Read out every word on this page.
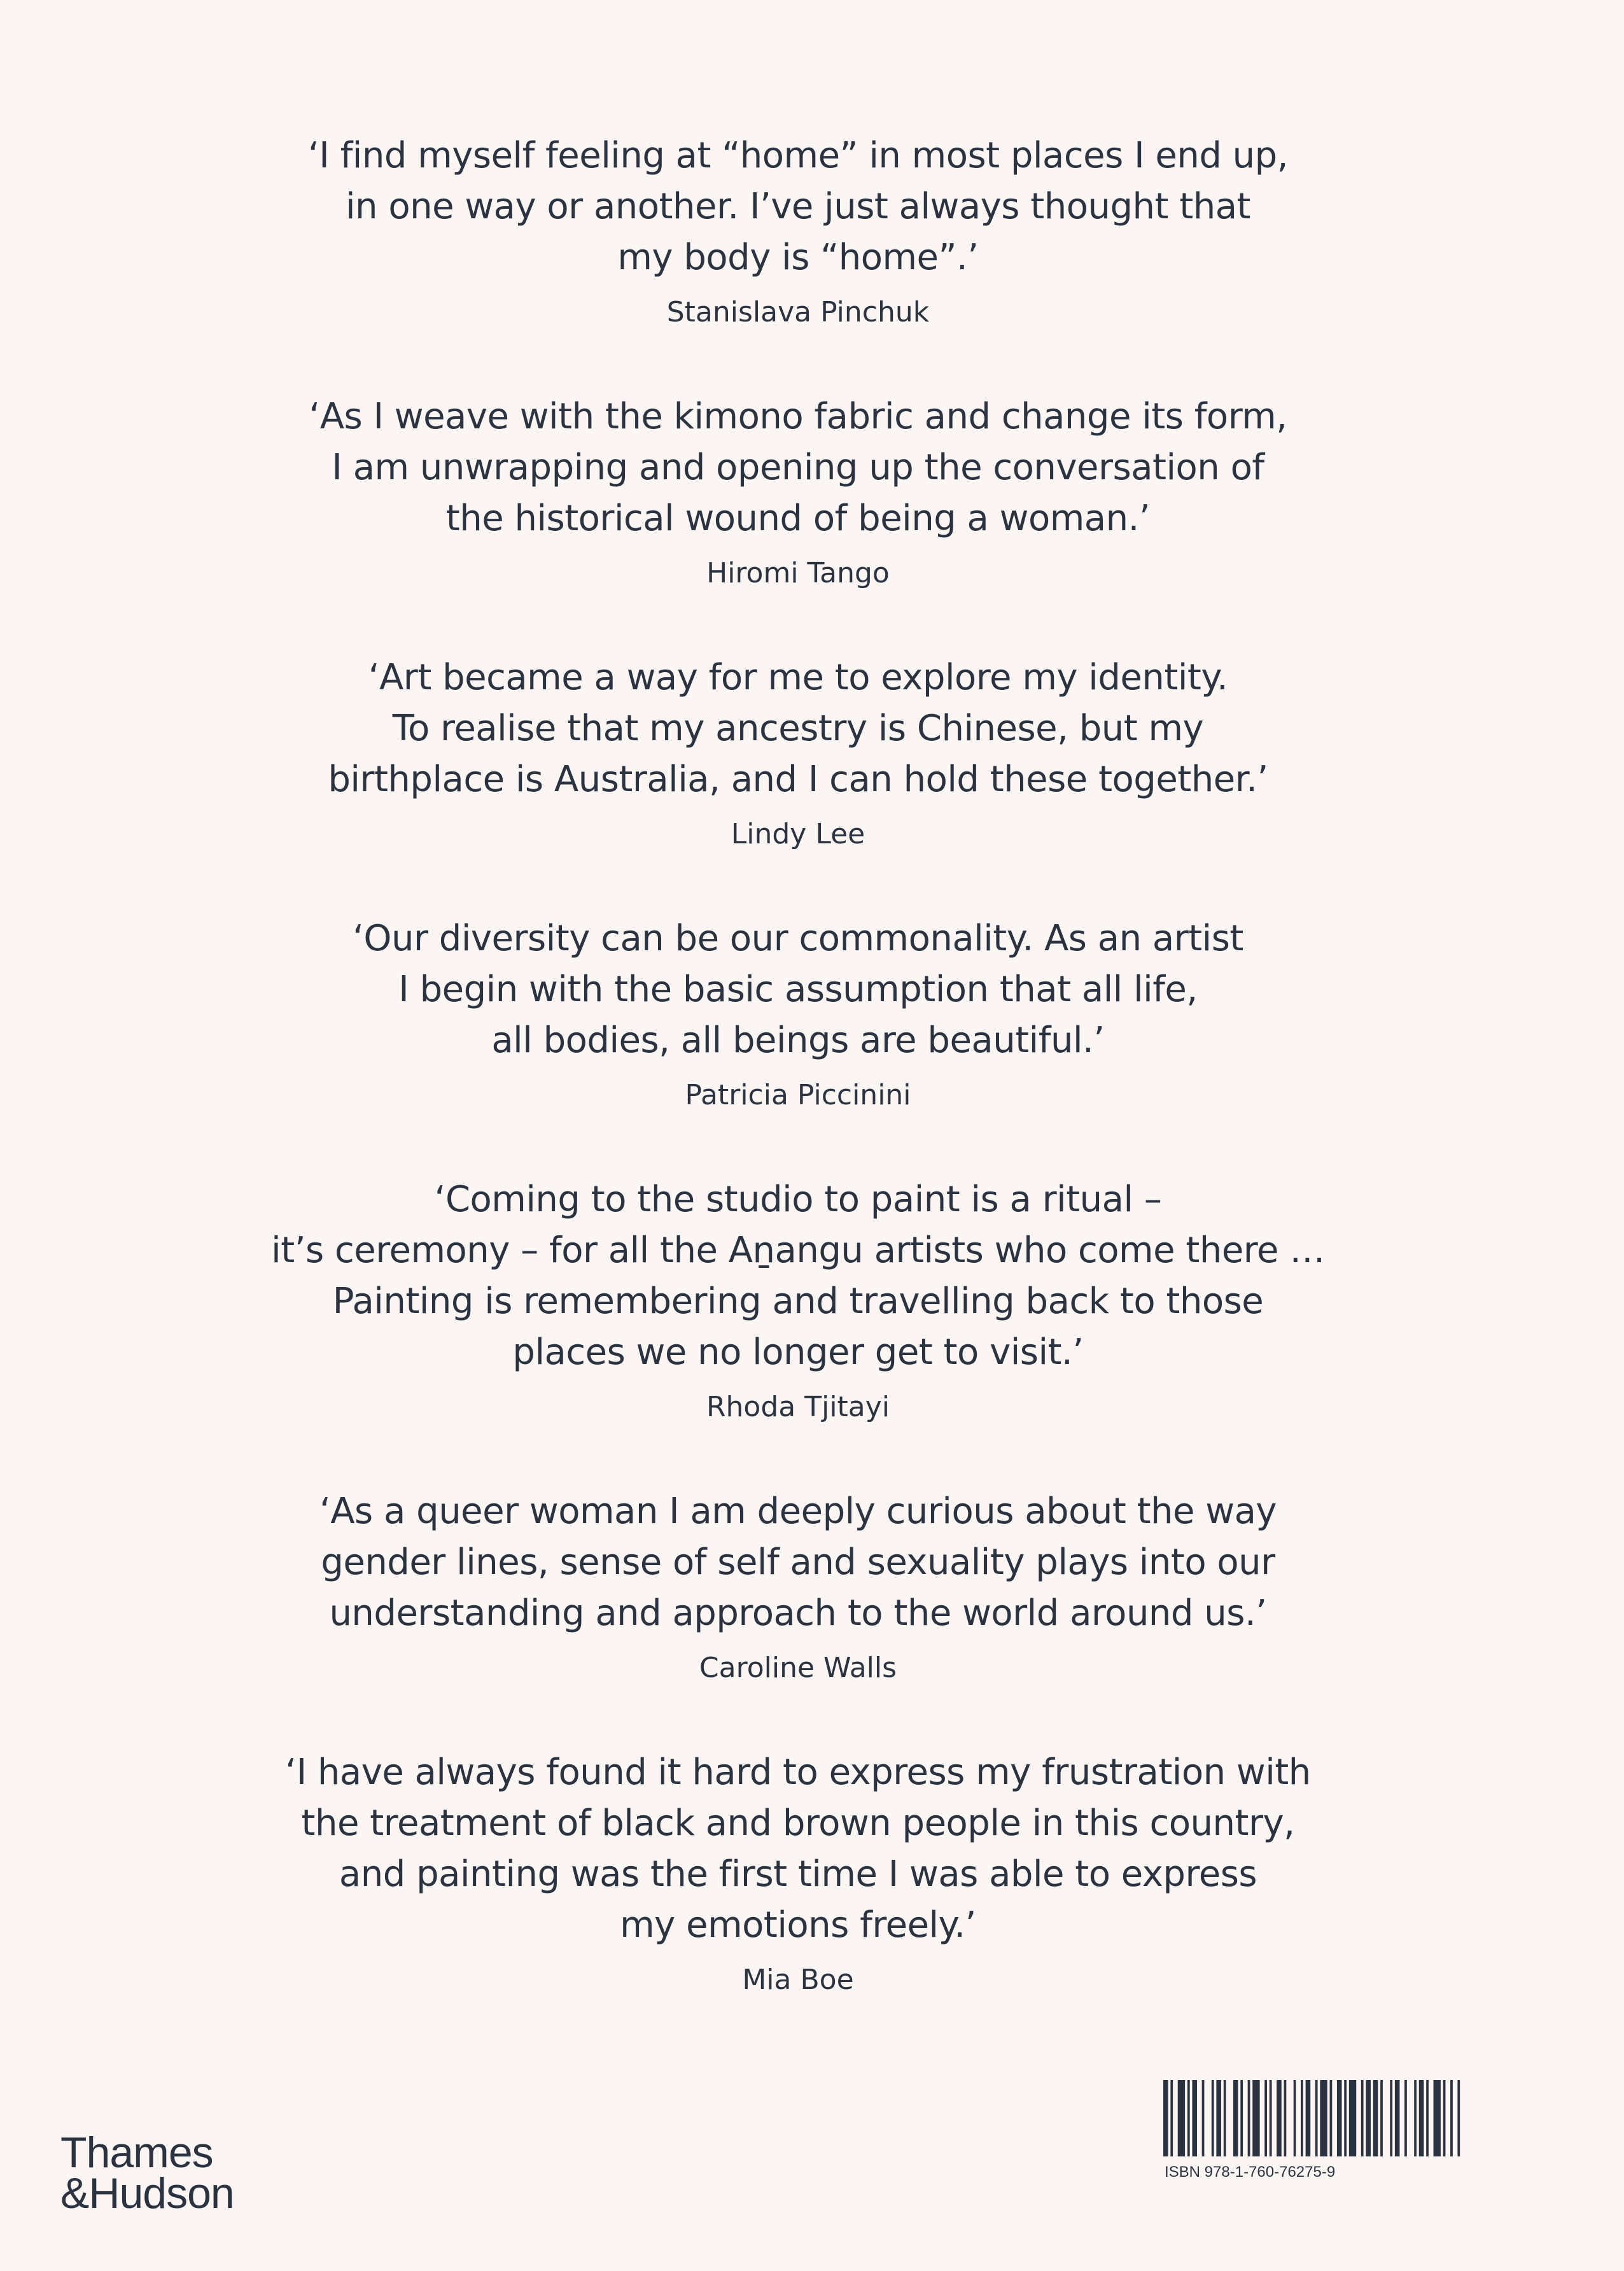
‘I find myself feeling at “home” in most places I end up,
in one way or another. I’ve just always thought that
my body is “home”.’
Stanislava Pinchuk
‘As I weave with the kimono fabric and change its form,
I am unwrapping and opening up the conversation of
the historical wound of being a woman.’
Hiromi Tango
‘Art became a way for me to explore my identity.
To realise that my ancestry is Chinese, but my
birthplace is Australia, and I can hold these together.’
Lindy Lee
‘Our diversity can be our commonality. As an artist
I begin with the basic assumption that all life,
all bodies, all beings are beautiful.’
Patricia Piccinini
‘Coming to the studio to paint is a ritual –
it’s ceremony – for all the Aṉangu artists who come there …
Painting is remembering and travelling back to those
places we no longer get to visit.’
Rhoda Tjitayi
‘As a queer woman I am deeply curious about the way
gender lines, sense of self and sexuality plays into our
understanding and approach to the world around us.’
Caroline Walls
‘I have always found it hard to express my frustration with
the treatment of black and brown people in this country,
and painting was the first time I was able to express
my emotions freely.’
Mia Boe
Thames
&Hudson	ISBN 978-1-760-76275-9
